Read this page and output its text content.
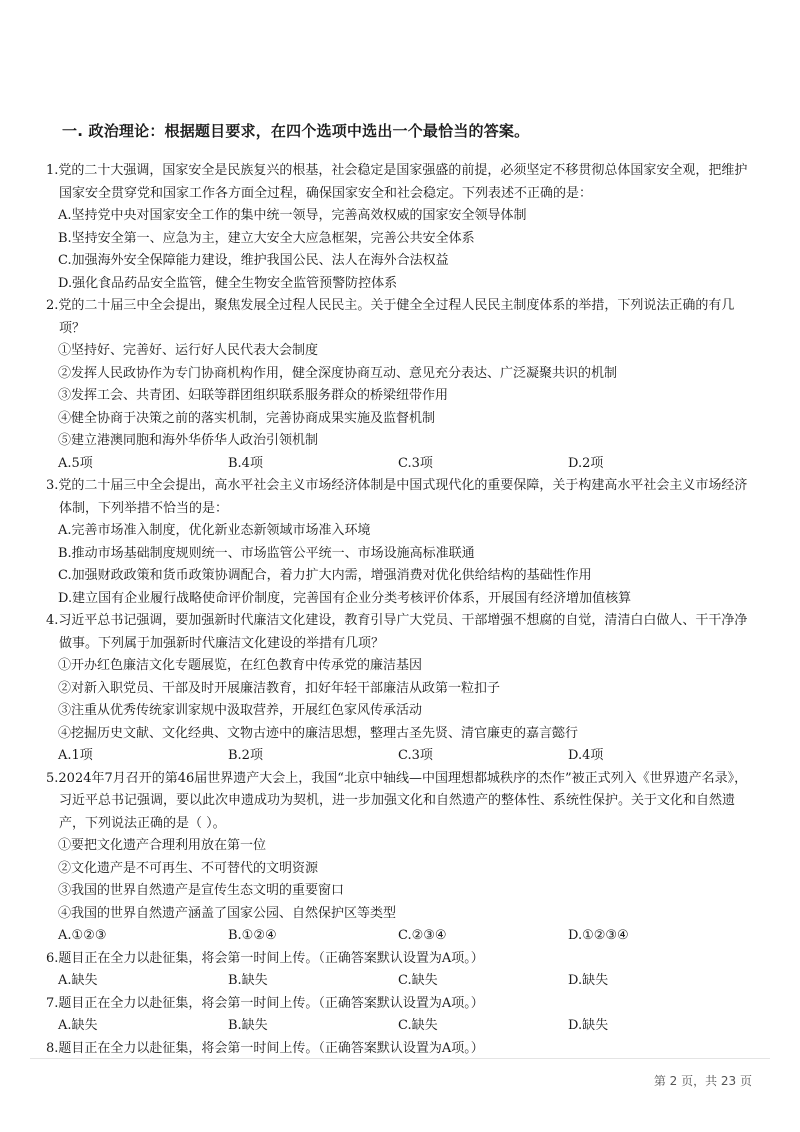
一. 政治理论：根据题目要求，在四个选项中选出一个最恰当的答案。
1.党的二十大强调，国家安全是民族复兴的根基，社会稳定是国家强盛的前提，必须坚定不移贯彻总体国家安全观，把维护国家安全贯穿党和国家工作各方面全过程，确保国家安全和社会稳定。下列表述不正确的是：
A.坚持党中央对国家安全工作的集中统一领导，完善高效权威的国家安全领导体制
B.坚持安全第一、应急为主，建立大安全大应急框架，完善公共安全体系
C.加强海外安全保障能力建设，维护我国公民、法人在海外合法权益
D.强化食品药品安全监管，健全生物安全监管预警防控体系
2.党的二十届三中全会提出，聚焦发展全过程人民民主。关于健全全过程人民民主制度体系的举措，下列说法正确的有几项？
①坚持好、完善好、运行好人民代表大会制度
②发挥人民政协作为专门协商机构作用，健全深度协商互动、意见充分表达、广泛凝聚共识的机制
③发挥工会、共青团、妇联等群团组织联系服务群众的桥梁纽带作用
④健全协商于决策之前的落实机制，完善协商成果实施及监督机制
⑤建立港澳同胞和海外华侨华人政治引领机制
A.5项	B.4项	C.3项	D.2项
3.党的二十届三中全会提出，高水平社会主义市场经济体制是中国式现代化的重要保障，关于构建高水平社会主义市场经济体制，下列举措不恰当的是：
A.完善市场准入制度，优化新业态新领域市场准入环境
B.推动市场基础制度规则统一、市场监管公平统一、市场设施高标准联通
C.加强财政政策和货币政策协调配合，着力扩大内需，增强消费对优化供给结构的基础性作用
D.建立国有企业履行战略使命评价制度，完善国有企业分类考核评价体系，开展国有经济增加值核算
4.习近平总书记强调，要加强新时代廉洁文化建设，教育引导广大党员、干部增强不想腐的自觉，清清白白做人、干干净净做事。下列属于加强新时代廉洁文化建设的举措有几项？
①开办红色廉洁文化专题展览，在红色教育中传承党的廉洁基因
②对新入职党员、干部及时开展廉洁教育，扣好年轻干部廉洁从政第一粒扣子
③注重从优秀传统家训家规中汲取营养，开展红色家风传承活动
④挖掘历史文献、文化经典、文物古迹中的廉洁思想，整理古圣先贤、清官廉吏的嘉言懿行
A.1项	B.2项	C.3项	D.4项
5.2024年7月召开的第46届世界遗产大会上，我国“北京中轴线—中国理想都城秩序的杰作”被正式列入《世界遗产名录》，习近平总书记强调，要以此次申遗成功为契机，进一步加强文化和自然遗产的整体性、系统性保护。关于文化和自然遗产，下列说法正确的是（ ）。
①要把文化遗产合理利用放在第一位
②文化遗产是不可再生、不可替代的文明资源
③我国的世界自然遗产是宣传生态文明的重要窗口
④我国的世界自然遗产涵盖了国家公园、自然保护区等类型
A.①②③	B.①②④	C.②③④	D.①②③④
6.题目正在全力以赴征集，将会第一时间上传。（正确答案默认设置为A项。）
A.缺失	B.缺失	C.缺失	D.缺失
7.题目正在全力以赴征集，将会第一时间上传。（正确答案默认设置为A项。）
A.缺失	B.缺失	C.缺失	D.缺失
8.题目正在全力以赴征集，将会第一时间上传。（正确答案默认设置为A项。）
第 2 页，共 23 页
